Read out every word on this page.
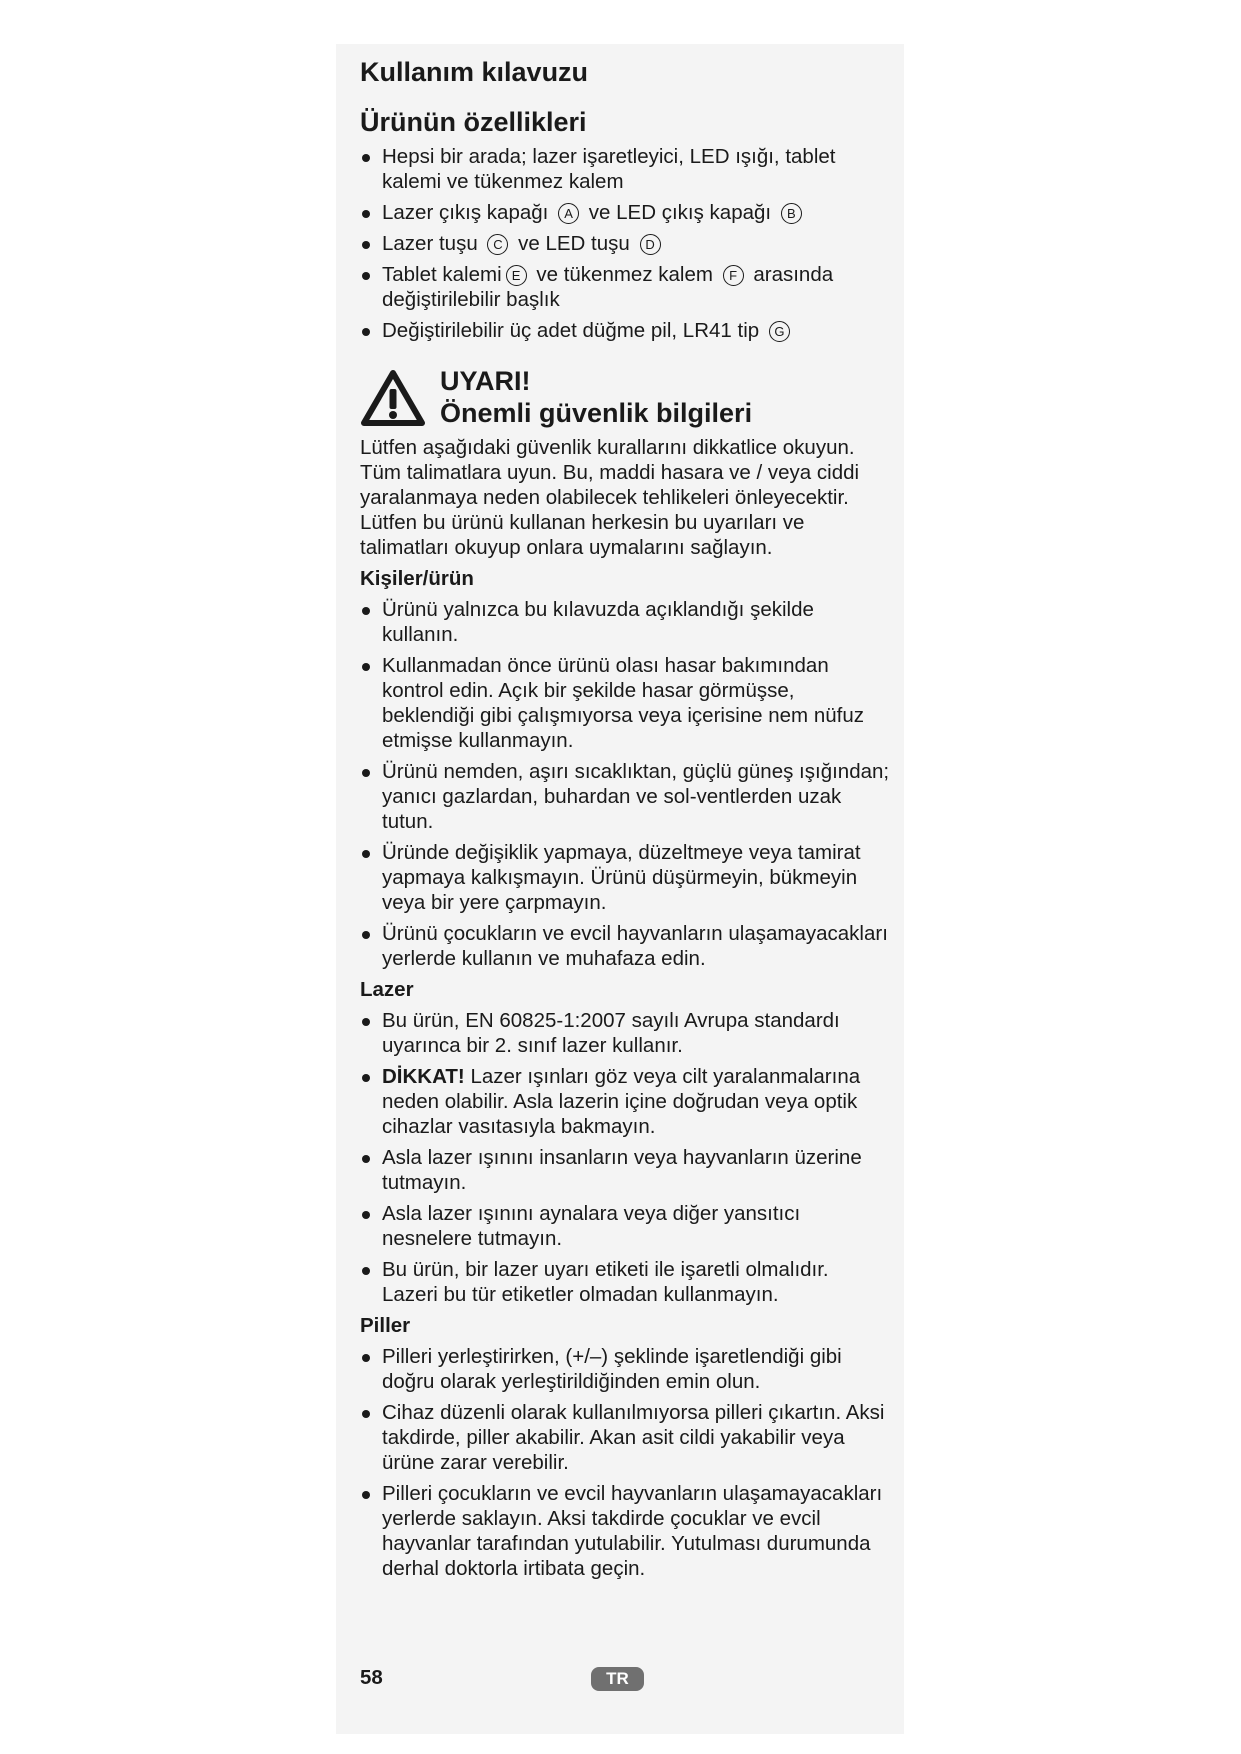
Kullanım kılavuzu
Ürünün özellikleri
Hepsi bir arada; lazer işaretleyici, LED ışığı, tablet kalemi ve tükenmez kalem
Lazer çıkış kapağı A ve LED çıkış kapağı B
Lazer tuşu C ve LED tuşu D
Tablet kalemi E ve tükenmez kalem F arasında değiştirilebilir başlık
Değiştirilebilir üç adet düğme pil, LR41 tip G
UYARI!
Önemli güvenlik bilgileri

Lütfen aşağıdaki güvenlik kurallarını dikkatlice okuyun. Tüm talimatlara uyun. Bu, maddi hasara ve / veya ciddi yaralanmaya neden olabilecek tehlikeleri önleyecektir. Lütfen bu ürünü kullanan herkesin bu uyarıları ve talimatları okuyup onlara uymalarını sağlayın.

Kişiler/ürün
Ürünü yalnızca bu kılavuzda açıklandığı şekilde kullanın.
Kullanmadan önce ürünü olası hasar bakımından kontrol edin. Açık bir şekilde hasar görmüşse, beklendiği gibi çalışmıyorsa veya içerisine nem nüfuz etmişse kullanmayın.
Ürünü nemden, aşırı sıcaklıktan, güçlü güneş ışığından; yanıcı gazlardan, buhardan ve sol-ventlerden uzak tutun.
Üründe değişiklik yapmaya, düzeltmeye veya tamirat yapmaya kalkışmayın. Ürünü düşürmeyin, bükmeyin veya bir yere çarpmayın.
Ürünü çocukların ve evcil hayvanların ulaşamayacakları yerlerde kullanın ve muhafaza edin.
Lazer
Bu ürün, EN 60825-1:2007 sayılı Avrupa standardı uyarınca bir 2. sınıf lazer kullanır.
DİKKAT! Lazer ışınları göz veya cilt yaralanmalarına neden olabilir. Asla lazerin içine doğrudan veya optik cihazlar vasıtasıyla bakmayın.
Asla lazer ışınını insanların veya hayvanların üzerine tutmayın.
Asla lazer ışınını aynalara veya diğer yansıtıcı nesnelere tutmayın.
Bu ürün, bir lazer uyarı etiketi ile işaretli olmalıdır. Lazeri bu tür etiketler olmadan kullanmayın.
Piller
Pilleri yerleştirirken, (+/–) şeklinde işaretlendiği gibi doğru olarak yerleştirildiğinden emin olun.
Cihaz düzenli olarak kullanılmıyorsa pilleri çıkartın. Aksi takdirde, piller akabilir. Akan asit cildi yakabilir veya ürüne zarar verebilir.
Pilleri çocukların ve evcil hayvanların ulaşamayacakları yerlerde saklayın. Aksi takdirde çocuklar ve evcil hayvanlar tarafından yutulabilir. Yutulması durumunda derhal doktorla irtibata geçin.
58	TR
